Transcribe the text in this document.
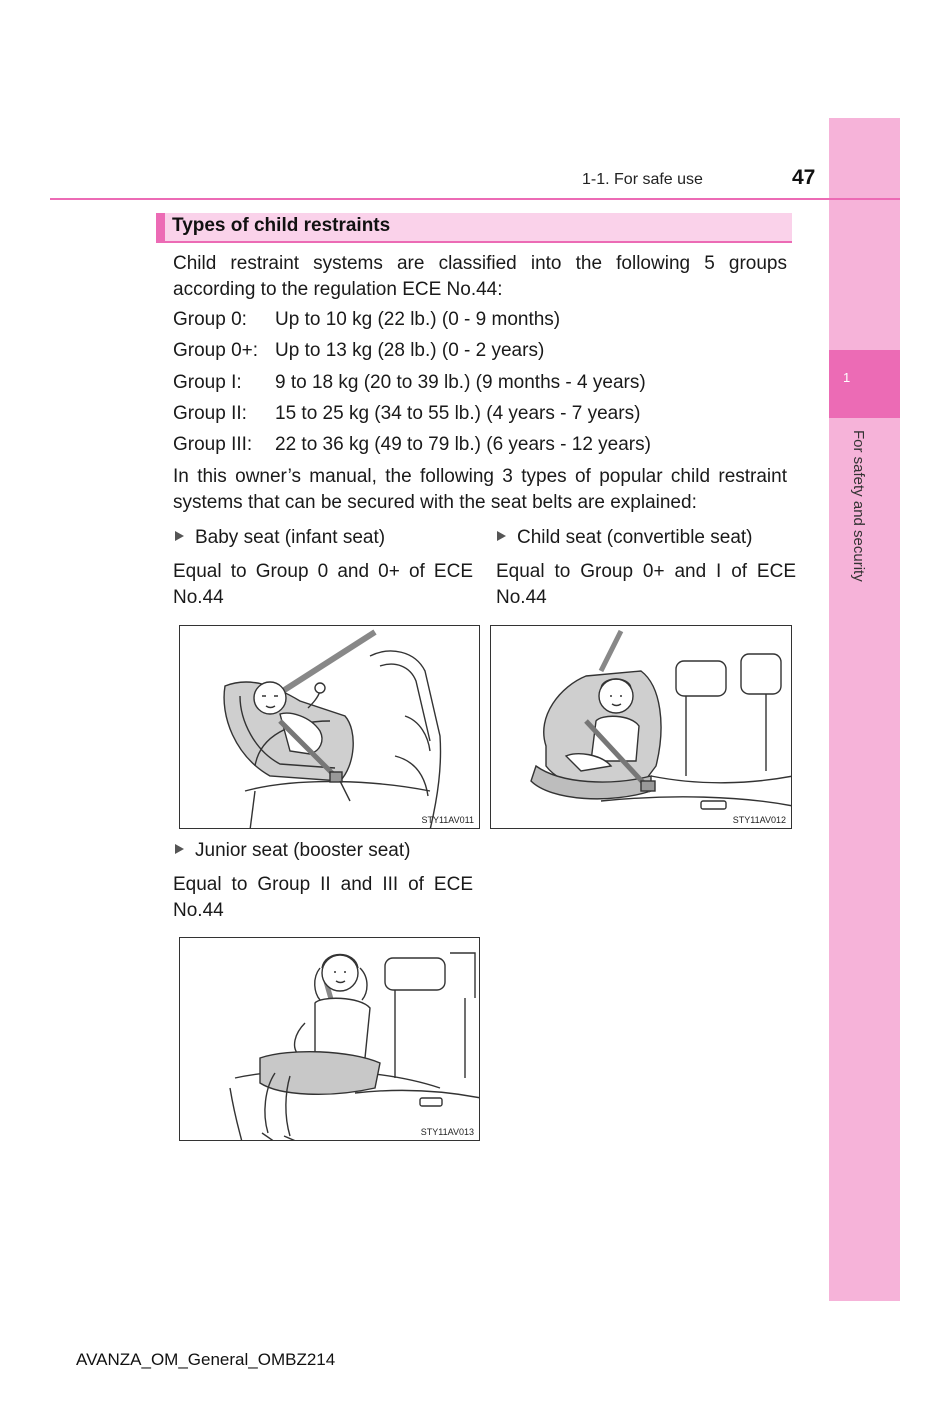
1
For safety and security
1-1. For safe use	47
Types of child restraints
Child restraint systems are classified into the following 5 groups according to the regulation ECE No.44:
Group 0: Up to 10 kg (22 lb.) (0 - 9 months)
Group 0+: Up to 13 kg (28 lb.) (0 - 2 years)
Group I: 9 to 18 kg (20 to 39 lb.) (9 months - 4 years)
Group II: 15 to 25 kg (34 to 55 lb.) (4 years - 7 years)
Group III: 22 to 36 kg (49 to 79 lb.) (6 years - 12 years)
In this owner’s manual, the following 3 types of popular child restraint systems that can be secured with the seat belts are explained:
Baby seat (infant seat)
Equal to Group 0 and 0+ of ECE No.44
STY11AV011
Child seat (convertible seat)
Equal to Group 0+ and I of ECE No.44
STY11AV012
Junior seat (booster seat)
Equal to Group II and III of ECE No.44
STY11AV013
AVANZA_OM_General_OMBZ214
